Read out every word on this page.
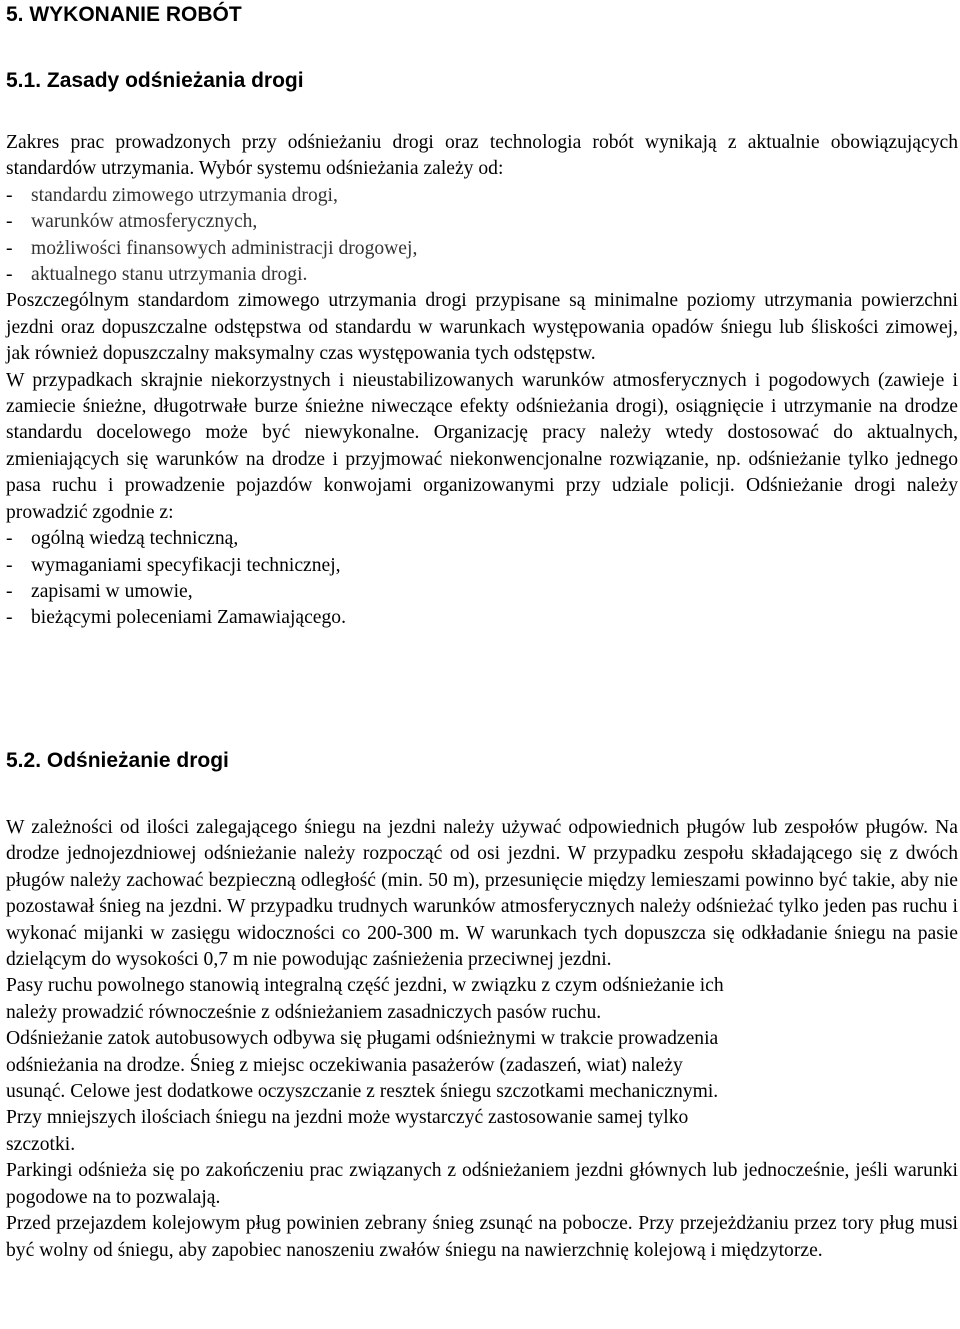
5. WYKONANIE ROBÓT
5.1. Zasady odśnieżania drogi

Zakres prac prowadzonych przy odśnieżaniu drogi oraz technologia robót wynikają z aktualnie obowiązujących standardów utrzymania. Wybór systemu odśnieżania zależy od:

- standardu zimowego utrzymania drogi,
- warunków atmosferycznych,
- możliwości finansowych administracji drogowej,
- aktualnego stanu utrzymania drogi.

Poszczególnym standardom zimowego utrzymania drogi przypisane są minimalne poziomy utrzymania powierzchni jezdni oraz dopuszczalne odstępstwa od standardu w warunkach występowania opadów śniegu lub śliskości zimowej, jak również dopuszczalny maksymalny czas występowania tych odstępstw.

W przypadkach skrajnie niekorzystnych i nieustabilizowanych warunków atmosferycznych i pogodowych (zawieje i zamiecie śnieżne, długotrwałe burze śnieżne niweczące efekty odśnieżania drogi), osiągnięcie i utrzymanie na drodze standardu docelowego może być niewykonalne. Organizację pracy należy wtedy dostosować do aktualnych, zmieniających się warunków na drodze i przyjmować niekonwencjonalne rozwiązanie, np. odśnieżanie tylko jednego pasa ruchu i prowadzenie pojazdów konwojami organizowanymi przy udziale policji. Odśnieżanie drogi należy prowadzić zgodnie z:

- ogólną wiedzą techniczną,
- wymaganiami specyfikacji technicznej,
- zapisami w umowie,
- bieżącymi poleceniami Zamawiającego.
5.2. Odśnieżanie drogi

W zależności od ilości zalegającego śniegu na jezdni należy używać odpowiednich pługów lub zespołów pługów. Na drodze jednojezdniowej odśnieżanie należy rozpocząć od osi jezdni. W przypadku zespołu składającego się z dwóch pługów należy zachować bezpieczną odległość (min. 50 m), przesunięcie między lemieszami powinno być takie, aby nie pozostawał śnieg na jezdni. W przypadku trudnych warunków atmosferycznych należy odśnieżać tylko jeden pas ruchu i wykonać mijanki w zasięgu widoczności co 200-300 m. W warunkach tych dopuszcza się odkładanie śniegu na pasie dzielącym do wysokości 0,7 m nie powodując zaśnieżenia przeciwnej jezdni.

Pasy ruchu powolnego stanowią integralną część jezdni, w związku z czym odśnieżanie ich

należy prowadzić równocześnie z odśnieżaniem zasadniczych pasów ruchu.

Odśnieżanie zatok autobusowych odbywa się pługami odśnieżnymi w trakcie prowadzenia

odśnieżania na drodze. Śnieg z miejsc oczekiwania pasażerów (zadaszeń, wiat) należy

usunąć. Celowe jest dodatkowe oczyszczanie z resztek śniegu szczotkami mechanicznymi.

Przy mniejszych ilościach śniegu na jezdni może wystarczyć zastosowanie samej tylko

szczotki.

Parkingi odśnieża się po zakończeniu prac związanych z odśnieżaniem jezdni głównych lub jednocześnie, jeśli warunki pogodowe na to pozwalają.

Przed przejazdem kolejowym pług powinien zebrany śnieg zsunąć na pobocze. Przy przejeżdżaniu przez tory pług musi być wolny od śniegu, aby zapobiec nanoszeniu zwałów śniegu na nawierzchnię kolejową i międzytorze.
